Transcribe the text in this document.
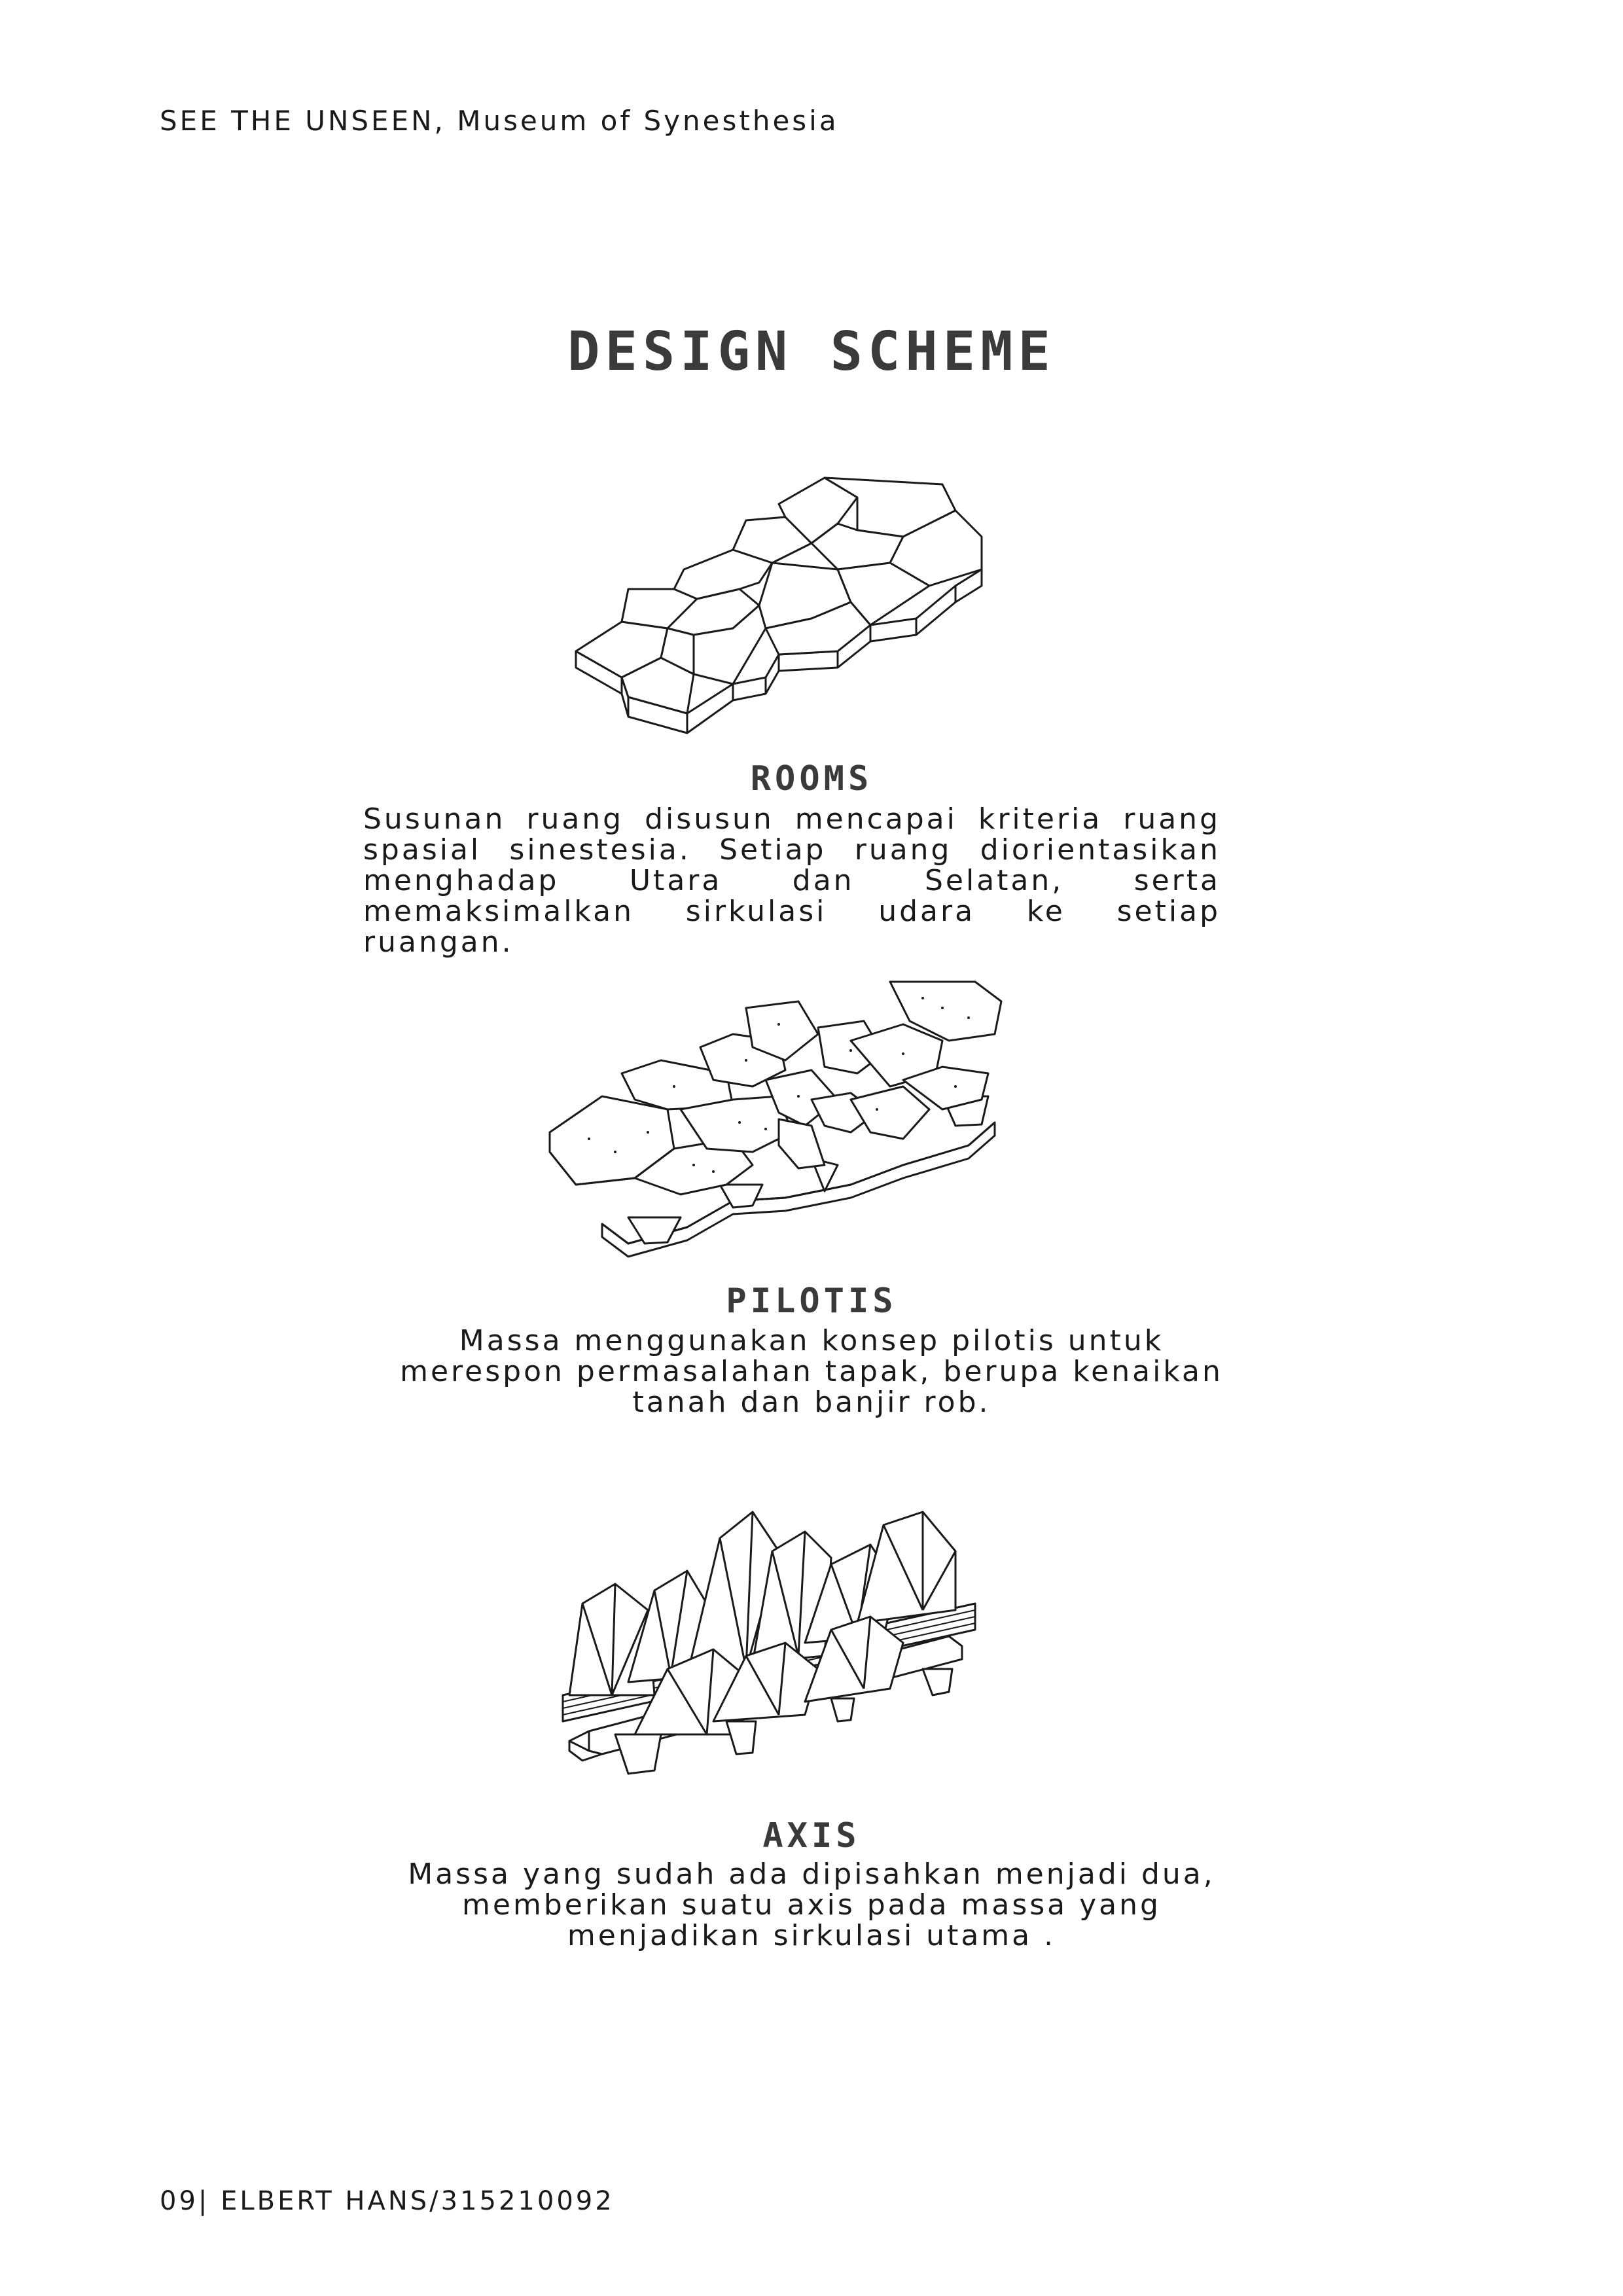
SEE THE UNSEEN, Museum of Synesthesia
DESIGN SCHEME
ROOMS
Susunan ruang disusun mencapai kriteria ruang
spasial sinestesia. Setiap ruang diorientasikan
menghadap Utara dan Selatan, serta
memaksimalkan sirkulasi udara ke setiap ruangan.
PILOTIS
Massa menggunakan konsep pilotis untuk
merespon permasalahan tapak, berupa kenaikan
tanah dan banjir rob.
AXIS
Massa yang sudah ada dipisahkan menjadi dua,
memberikan suatu axis pada massa yang
menjadikan sirkulasi utama .
09| ELBERT HANS/315210092
